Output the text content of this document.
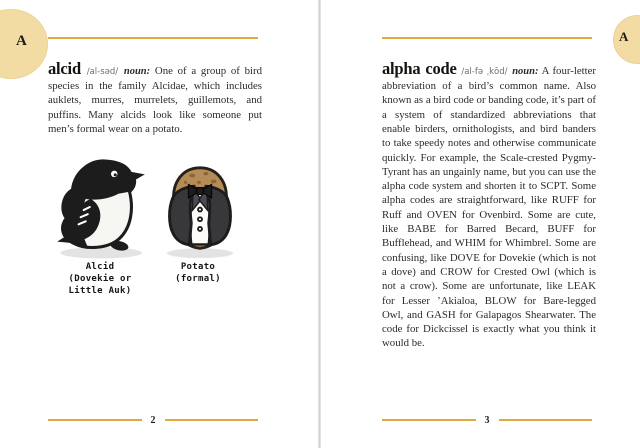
A

alcid /al-səd/ noun: One of a group of bird species in the family Alcidae, which includes auklets, murres, murrelets, guillemots, and puffins. Many alcids look like someone put men’s formal wear on a potato.

Alcid
(Dovekie or
Little Auk)
Potato
(formal)
2
A

alpha code /al-fə ˌkōd/ noun: A four-letter abbreviation of a bird’s common name. Also known as a bird code or banding code, it’s part of a system of standardized abbreviations that enable birders, ornithologists, and bird banders to take speedy notes and otherwise communicate quickly. For example, the Scale-crested Pygmy-Tyrant has an ungainly name, but you can use the alpha code system and shorten it to SCPT. Some alpha codes are straightforward, like RUFF for Ruff and OVEN for Ovenbird. Some are cute, like BABE for Barred Becard, BUFF for Bufflehead, and WHIM for Whimbrel. Some are confusing, like DOVE for Dovekie (which is not a dove) and CROW for Crested Owl (which is not a crow). Some are unfortunate, like LEAK for Lesser ’Akialoa, BLOW for Bare-legged Owl, and GASH for Galapagos Shearwater. The code for Dickcissel is exactly what you think it would be.

3
